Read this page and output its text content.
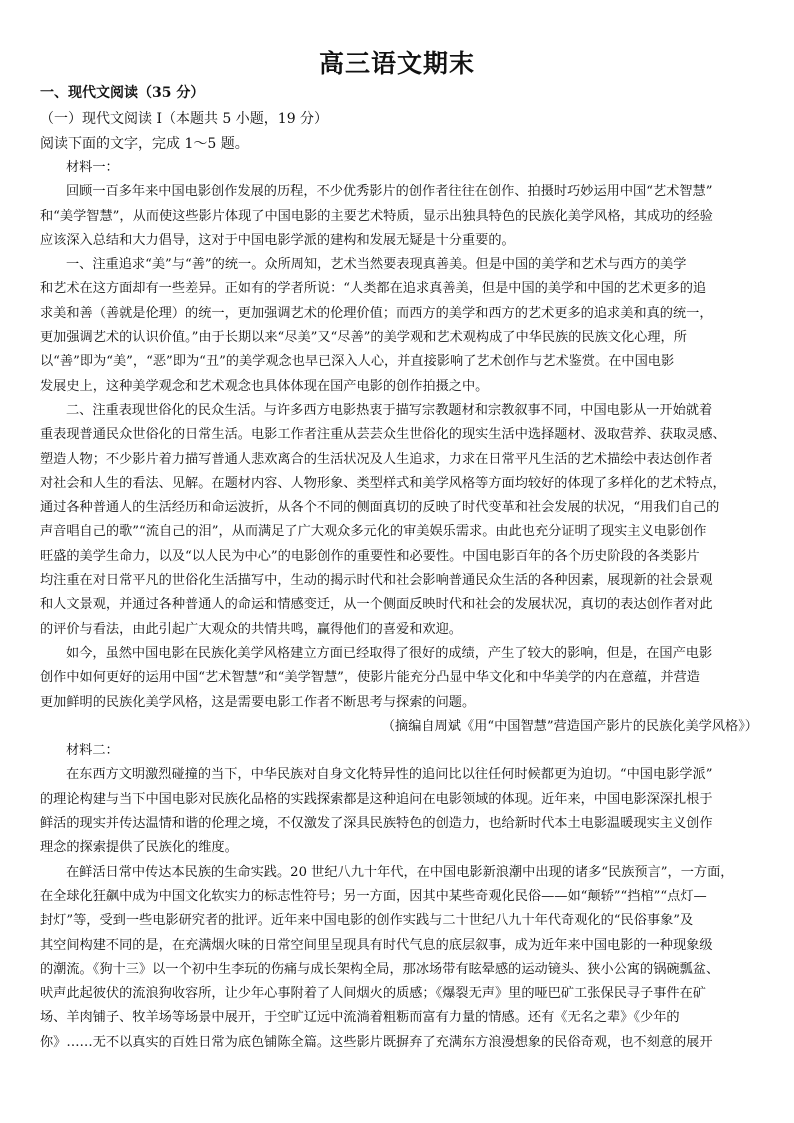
高三语文期末
一、现代文阅读（35 分）
（一）现代文阅读 I（本题共 5 小题，19 分）
阅读下面的文字，完成 1～5 题。
材料一：
回顾一百多年来中国电影创作发展的历程，不少优秀影片的创作者往往在创作、拍摄时巧妙运用中国“艺术智慧”
和“美学智慧”，从而使这些影片体现了中国电影的主要艺术特质，显示出独具特色的民族化美学风格，其成功的经验
应该深入总结和大力倡导，这对于中国电影学派的建构和发展无疑是十分重要的。
一、注重追求“美”与“善”的统一。众所周知，艺术当然要表现真善美。但是中国的美学和艺术与西方的美学
和艺术在这方面却有一些差异。正如有的学者所说：“人类都在追求真善美，但是中国的美学和中国的艺术更多的追
求美和善（善就是伦理）的统一，更加强调艺术的伦理价值；而西方的美学和西方的艺术更多的追求美和真的统一，
更加强调艺术的认识价值。”由于长期以来“尽美”又“尽善”的美学观和艺术观构成了中华民族的民族文化心理，所
以“善”即为“美”，“恶”即为“丑”的美学观念也早已深入人心，并直接影响了艺术创作与艺术鉴赏。在中国电影
发展史上，这种美学观念和艺术观念也具体体现在国产电影的创作拍摄之中。
二、注重表现世俗化的民众生活。与许多西方电影热衷于描写宗教题材和宗教叙事不同，中国电影从一开始就着
重表现普通民众世俗化的日常生活。电影工作者注重从芸芸众生世俗化的现实生活中选择题材、汲取营养、获取灵感、
塑造人物；不少影片着力描写普通人悲欢离合的生活状况及人生追求，力求在日常平凡生活的艺术描绘中表达创作者
对社会和人生的看法、见解。在题材内容、人物形象、类型样式和美学风格等方面均较好的体现了多样化的艺术特点，
通过各种普通人的生活经历和命运波折，从各个不同的侧面真切的反映了时代变革和社会发展的状况，“用我们自己的
声音唱自己的歌”“流自己的泪”，从而满足了广大观众多元化的审美娱乐需求。由此也充分证明了现实主义电影创作
旺盛的美学生命力，以及“以人民为中心”的电影创作的重要性和必要性。中国电影百年的各个历史阶段的各类影片
均注重在对日常平凡的世俗化生活描写中，生动的揭示时代和社会影响普通民众生活的各种因素，展现新的社会景观
和人文景观，并通过各种普通人的命运和情感变迁，从一个侧面反映时代和社会的发展状况，真切的表达创作者对此
的评价与看法，由此引起广大观众的共情共鸣，赢得他们的喜爱和欢迎。
如今，虽然中国电影在民族化美学风格建立方面已经取得了很好的成绩，产生了较大的影响，但是，在国产电影
创作中如何更好的运用中国“艺术智慧”和“美学智慧”，使影片能充分凸显中华文化和中华美学的内在意蕴，并营造
更加鲜明的民族化美学风格，这是需要电影工作者不断思考与探索的问题。
（摘编自周斌《用“中国智慧”营造国产影片的民族化美学风格》）
材料二：
在东西方文明激烈碰撞的当下，中华民族对自身文化特异性的追问比以往任何时候都更为迫切。“中国电影学派”
的理论构建与当下中国电影对民族化品格的实践探索都是这种追问在电影领域的体现。近年来，中国电影深深扎根于
鲜活的现实并传达温情和谐的伦理之境，不仅激发了深具民族特色的创造力，也给新时代本土电影温暖现实主义创作
理念的探索提供了民族化的维度。
在鲜活日常中传达本民族的生命实践。20 世纪八九十年代，在中国电影新浪潮中出现的诸多“民族预言”，一方面，
在全球化狂飙中成为中国文化软实力的标志性符号；另一方面，因其中某些奇观化民俗——如“颠轿”“挡棺”“点灯—
封灯”等，受到一些电影研究者的批评。近年来中国电影的创作实践与二十世纪八九十年代奇观化的“民俗事象”及
其空间构建不同的是，在充满烟火味的日常空间里呈现具有时代气息的底层叙事，成为近年来中国电影的一种现象级
的潮流。《狗十三》以一个初中生李玩的伤痛与成长架构全局，那冰场带有眩晕感的运动镜头、狭小公寓的锅碗瓢盆、
吠声此起彼伏的流浪狗收容所，让少年心事附着了人间烟火的质感；《爆裂无声》里的哑巴矿工张保民寻子事件在矿
场、羊肉铺子、牧羊场等场景中展开，于空旷辽远中流淌着粗粝而富有力量的情感。还有《无名之辈》《少年的
你》……无不以真实的百姓日常为底色铺陈全篇。这些影片既摒弃了充满东方浪漫想象的民俗奇观，也不刻意的展开
